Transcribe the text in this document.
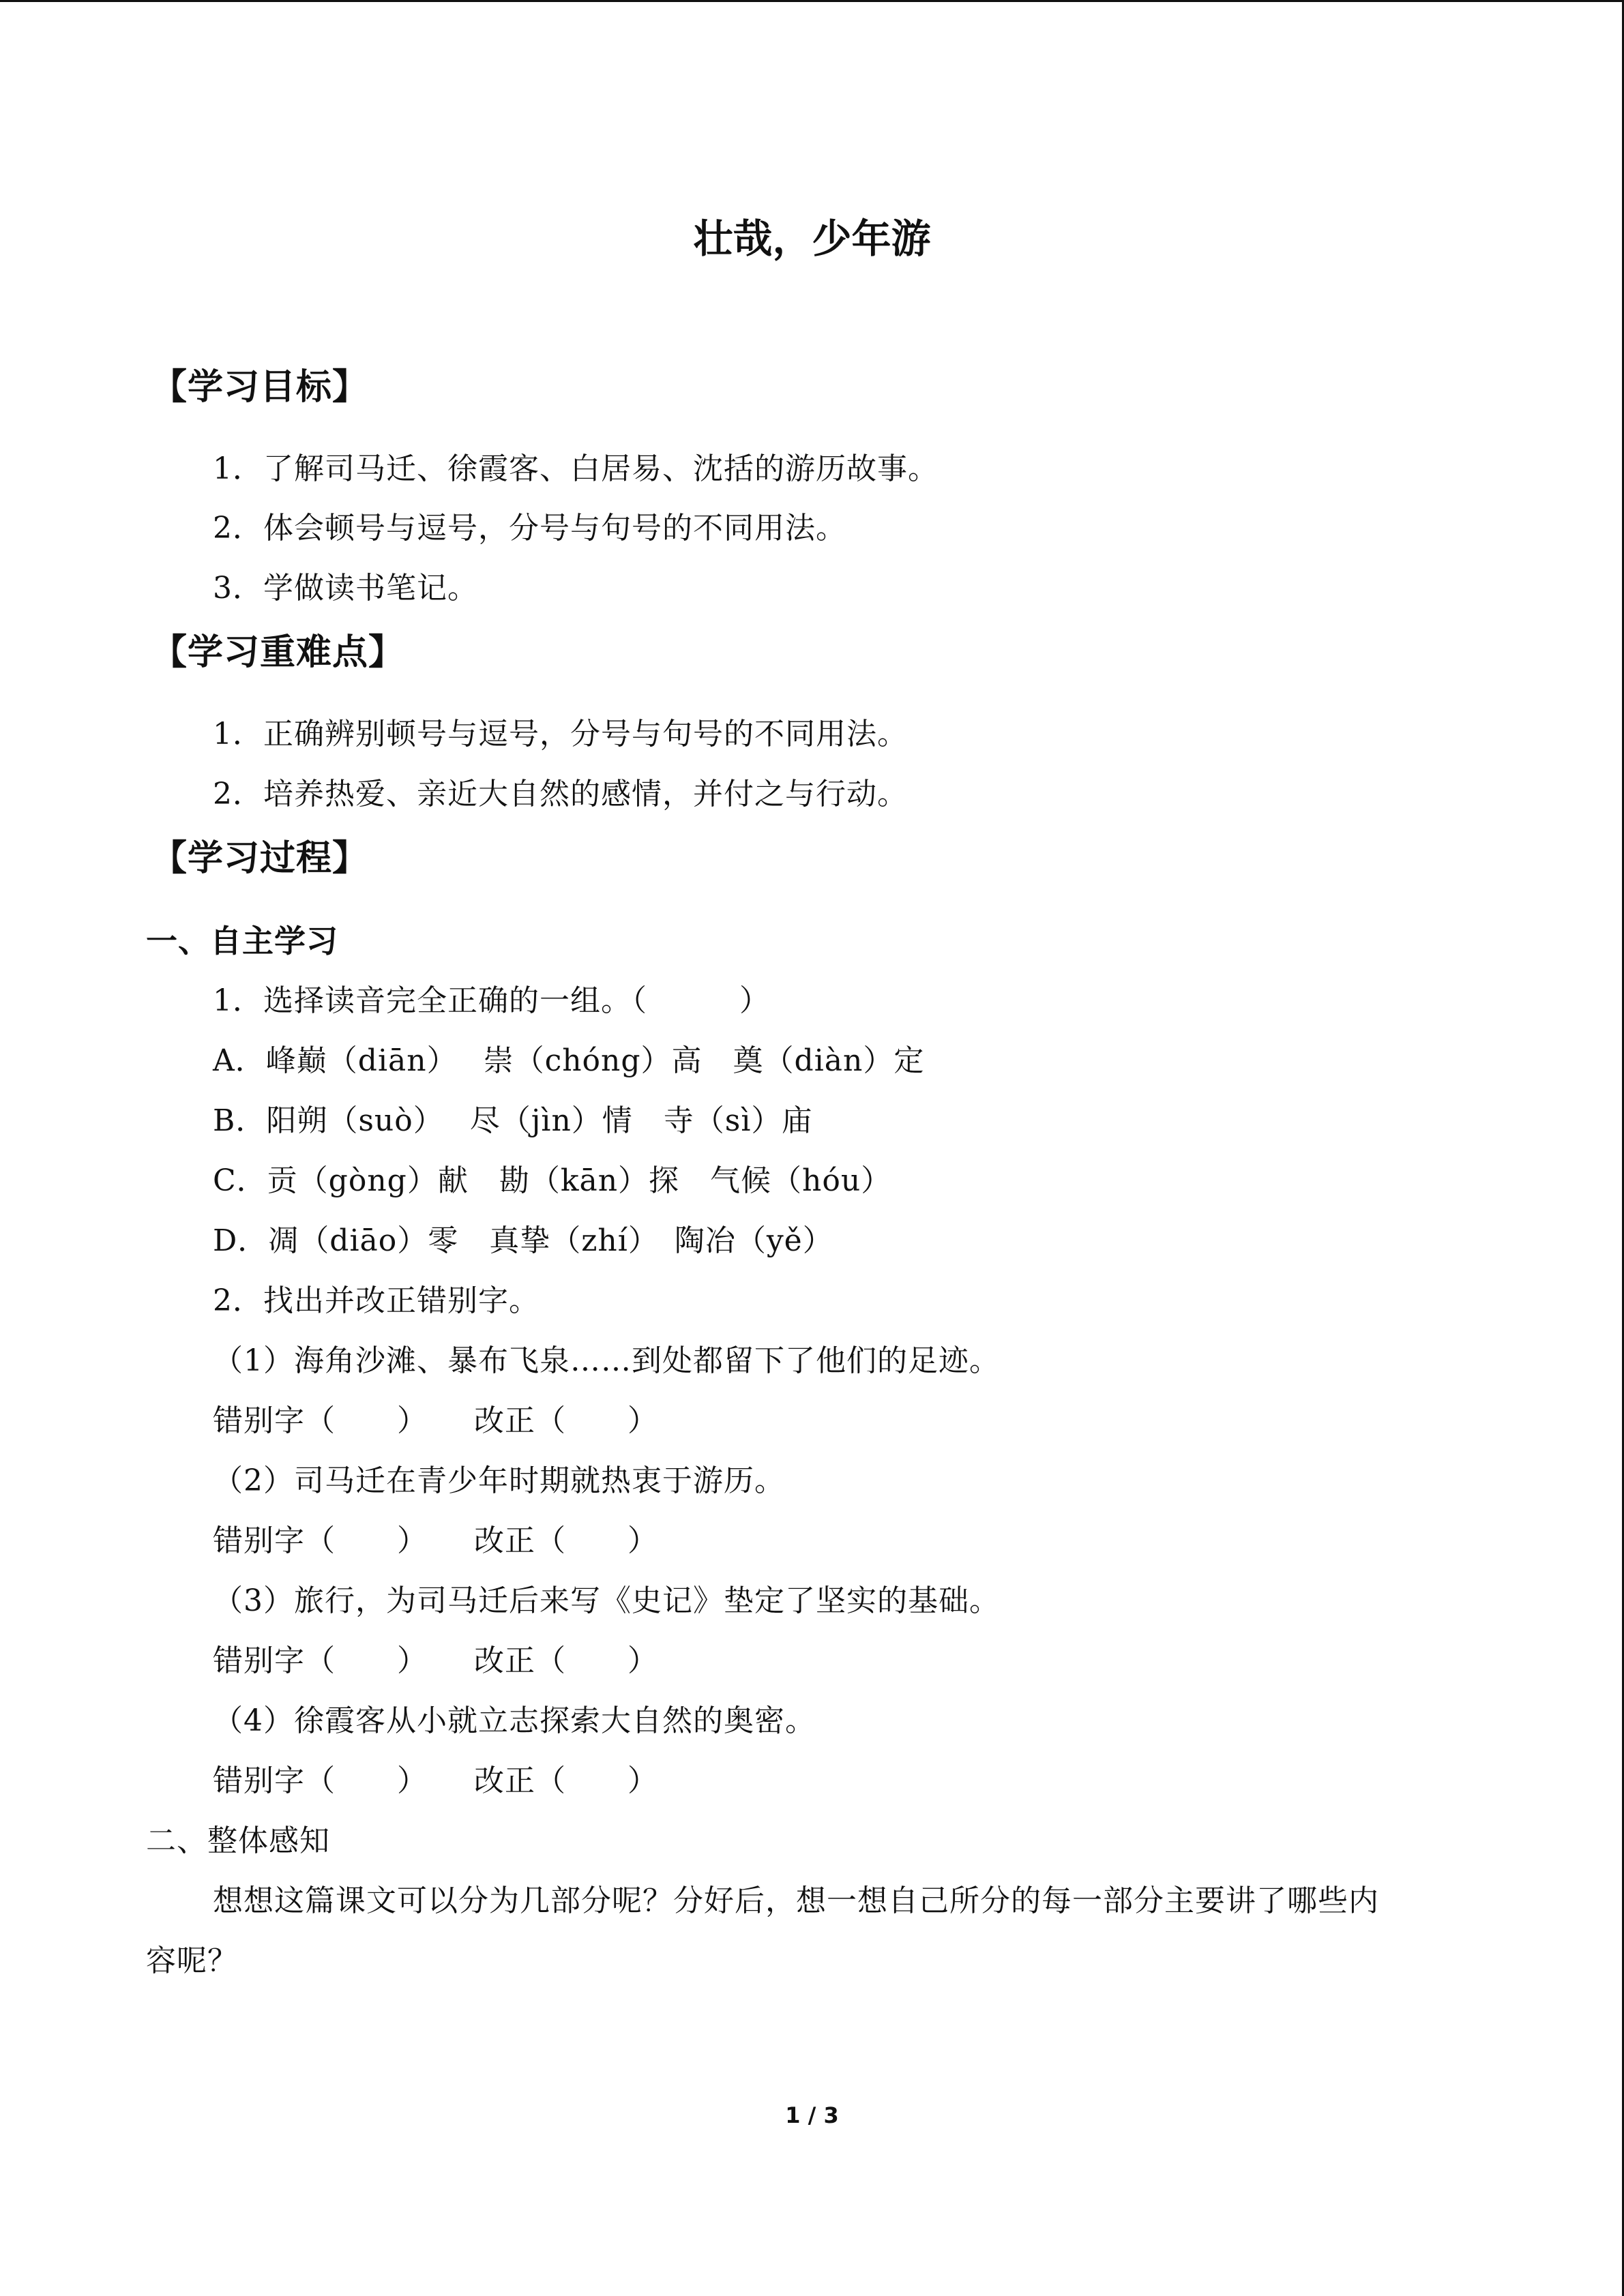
壮哉，少年游
【学习目标】
1．了解司马迁、徐霞客、白居易、沈括的游历故事。
2．体会顿号与逗号，分号与句号的不同用法。
3．学做读书笔记。
【学习重难点】
1．正确辨别顿号与逗号，分号与句号的不同用法。
2．培养热爱、亲近大自然的感情，并付之与行动。
【学习过程】
一、自主学习
1．选择读音完全正确的一组。（　　　）
A．峰巅（diān）　 崇（chóng）高　奠（diàn）定
B．阳朔（suò）　 尽（jìn）情　寺（sì）庙
C．贡（gòng）献　勘（kān）探　气候（hóu）
D．凋（diāo）零　真挚（zhí）　陶冶（yě）
2．找出并改正错别字。
（1）海角沙滩、暴布飞泉……到处都留下了他们的足迹。
错别字（　　）　　改正（　　）
（2）司马迁在青少年时期就热衷于游历。
错别字（　　）　　改正（　　）
（3）旅行，为司马迁后来写《史记》垫定了坚实的基础。
错别字（　　）　　改正（　　）
（4）徐霞客从小就立志探索大自然的奥密。
错别字（　　）　　改正（　　）
二、整体感知
想想这篇课文可以分为几部分呢？分好后，想一想自己所分的每一部分主要讲了哪些内
容呢？
1 / 3
